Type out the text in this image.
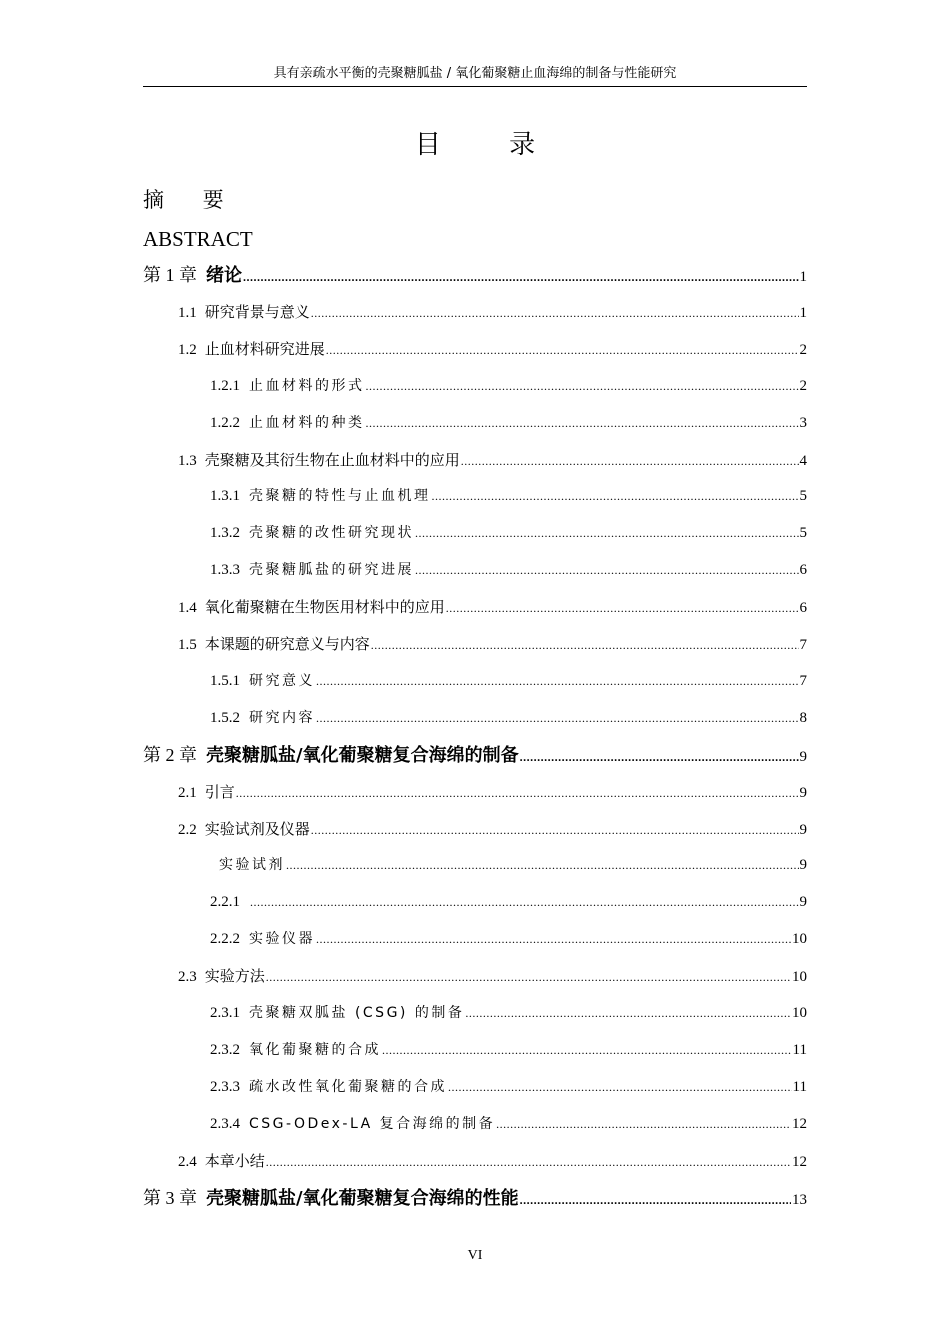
具有亲疏水平衡的壳聚糖胍盐 / 氧化葡聚糖止血海绵的制备与性能研究
目 录
摘 要
ABSTRACT
第 1 章 绪论 .....	1
1.1 研究背景与意义 .....	1
1.2 止血材料研究进展 .....	2
1.2.1 止血材料的形式 .....	2
1.2.2 止血材料的种类 .....	3
1.3 壳聚糖及其衍生物在止血材料中的应用 .....	4
1.3.1 壳聚糖的特性与止血机理 .....	5
1.3.2 壳聚糖的改性研究现状 .....	5
1.3.3 壳聚糖胍盐的研究进展 .....	6
1.4 氧化葡聚糖在生物医用材料中的应用 .....	6
1.5 本课题的研究意义与内容 .....	7
1.5.1 研究意义 .....	7
1.5.2 研究内容 .....	8
第 2 章 壳聚糖胍盐/氧化葡聚糖复合海绵的制备 .....	9
2.1 引言 .....	9
2.2 实验试剂及仪器 .....	9
实验试剂 .....	9
2.2.1 .....	9
2.2.2 实验仪器 .....	10
2.3 实验方法 .....	10
2.3.1 壳聚糖双胍盐 (CSG) 的制备 .....	10
2.3.2 氧化葡聚糖的合成 .....	11
2.3.3 疏水改性氧化葡聚糖的合成 .....	11
2.3.4 CSG-ODex-LA 复合海绵的制备 .....	12
2.4 本章小结 .....	12
第 3 章 壳聚糖胍盐/氧化葡聚糖复合海绵的性能 .....	13
VI
